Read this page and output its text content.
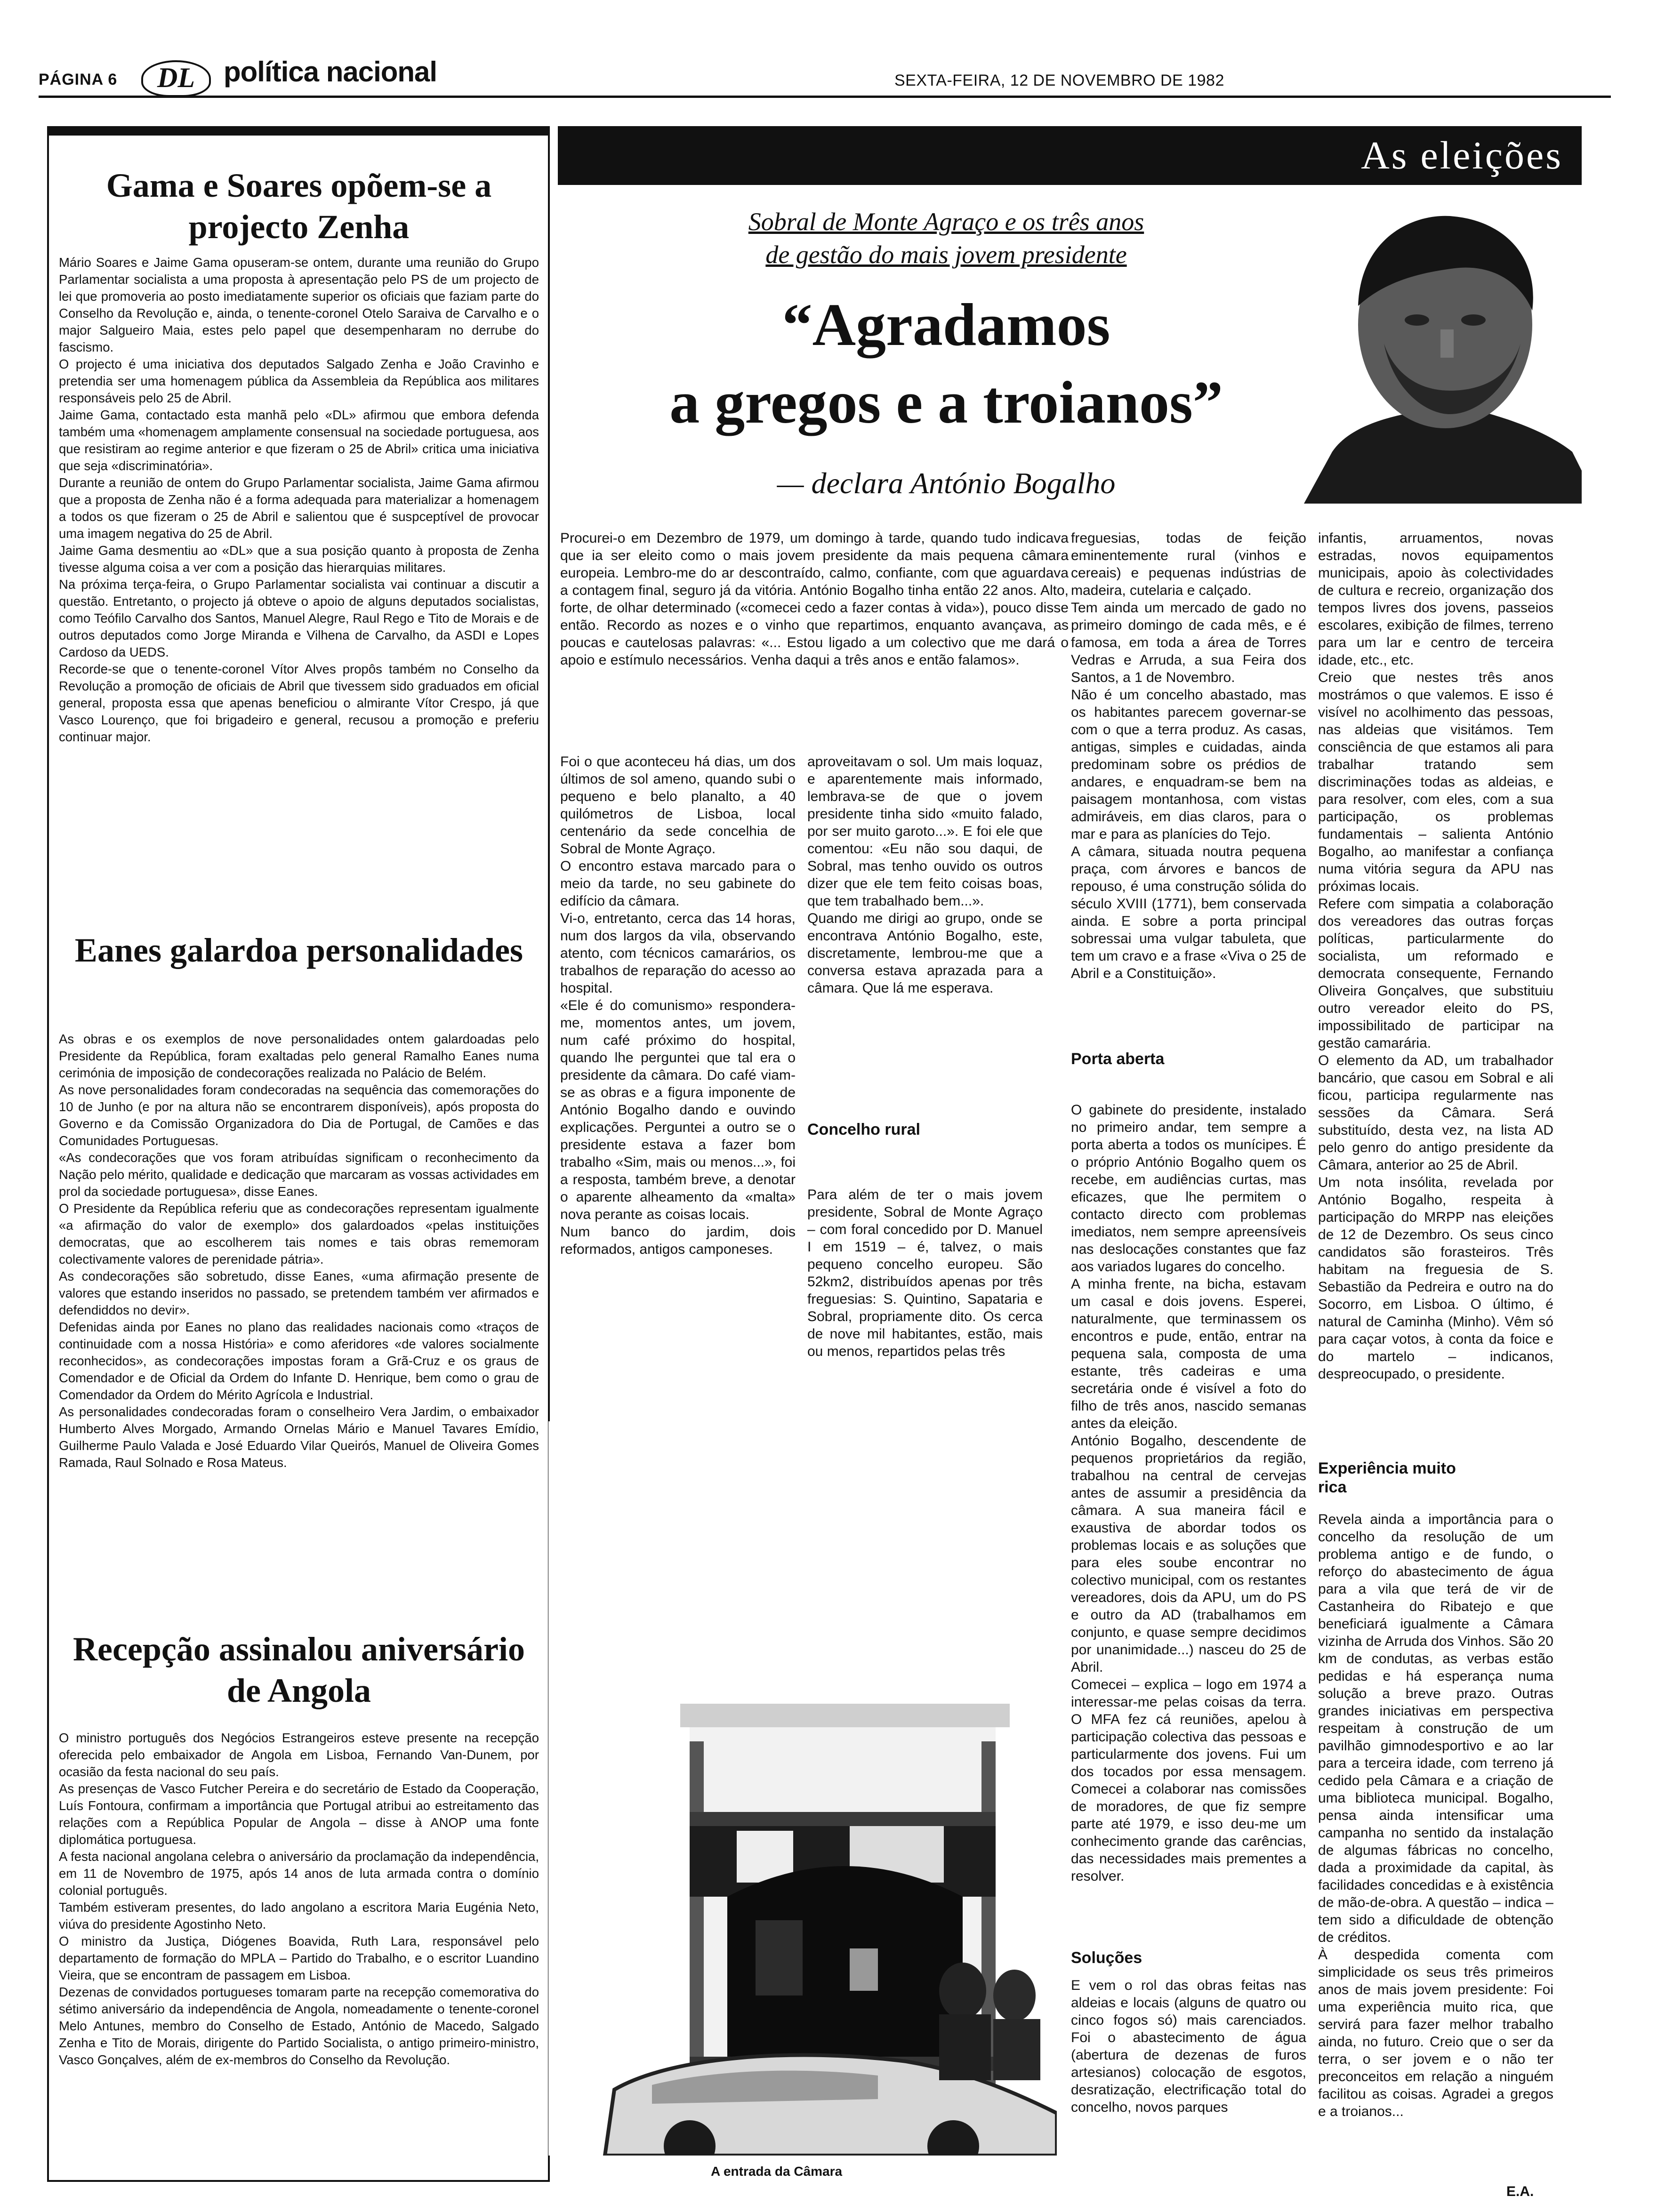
PÁGINA 6	DL	política nacional	SEXTA-FEIRA, 12 DE NOVEMBRO DE 1982
Gama e Soares opõem-se a projecto Zenha
Mário Soares e Jaime Gama opuseram-se ontem, durante uma reunião do Grupo Parlamentar socialista a uma proposta à apresentação pelo PS de um projecto de lei que promoveria ao posto imediatamente superior os oficiais que faziam parte do Conselho da Revolução e, ainda, o tenente-coronel Otelo Saraiva de Carvalho e o major Salgueiro Maia, estes pelo papel que desempenharam no derrube do fascismo.
O projecto é uma iniciativa dos deputados Salgado Zenha e João Cravinho e pretendia ser uma homenagem pública da Assembleia da República aos militares responsáveis pelo 25 de Abril.
Jaime Gama, contactado esta manhã pelo «DL» afirmou que embora defenda também uma «homenagem amplamente consensual na sociedade portuguesa, aos que resistiram ao regime anterior e que fizeram o 25 de Abril» critica uma iniciativa que seja «discriminatória».
Durante a reunião de ontem do Grupo Parlamentar socialista, Jaime Gama afirmou que a proposta de Zenha não é a forma adequada para materializar a homenagem a todos os que fizeram o 25 de Abril e salientou que é suspceptível de provocar uma imagem negativa do 25 de Abril.
Jaime Gama desmentiu ao «DL» que a sua posição quanto à proposta de Zenha tivesse alguma coisa a ver com a posição das hierarquias militares.
Na próxima terça-feira, o Grupo Parlamentar socialista vai continuar a discutir a questão. Entretanto, o projecto já obteve o apoio de alguns deputados socialistas, como Teófilo Carvalho dos Santos, Manuel Alegre, Raul Rego e Tito de Morais e de outros deputados como Jorge Miranda e Vilhena de Carvalho, da ASDI e Lopes Cardoso da UEDS.
Recorde-se que o tenente-coronel Vítor Alves propôs também no Conselho da Revolução a promoção de oficiais de Abril que tivessem sido graduados em oficial general, proposta essa que apenas beneficiou o almirante Vítor Crespo, já que Vasco Lourenço, que foi brigadeiro e general, recusou a promoção e preferiu continuar major.
Eanes galardoa personalidades
As obras e os exemplos de nove personalidades ontem galardoadas pelo Presidente da República, foram exaltadas pelo general Ramalho Eanes numa cerimónia de imposição de condecorações realizada no Palácio de Belém.
As nove personalidades foram condecoradas na sequência das comemorações do 10 de Junho (e por na altura não se encontrarem disponíveis), após proposta do Governo e da Comissão Organizadora do Dia de Portugal, de Camões e das Comunidades Portuguesas.
«As condecorações que vos foram atribuídas significam o reconhecimento da Nação pelo mérito, qualidade e dedicação que marcaram as vossas actividades em prol da sociedade portuguesa», disse Eanes.
O Presidente da República referiu que as condecorações representam igualmente «a afirmação do valor de exemplo» dos galardoados «pelas instituições democratas, que ao escolherem tais nomes e tais obras rememoram colectivamente valores de perenidade pátria».
As condecorações são sobretudo, disse Eanes, «uma afirmação presente de valores que estando inseridos no passado, se pretendem também ver afirmados e defendiddos no devir».
Defenidas ainda por Eanes no plano das realidades nacionais como «traços de continuidade com a nossa História» e como aferidores «de valores socialmente reconhecidos», as condecorações impostas foram a Grã-Cruz e os graus de Comendador e de Oficial da Ordem do Infante D. Henrique, bem como o grau de Comendador da Ordem do Mérito Agrícola e Industrial.
As personalidades condecoradas foram o conselheiro Vera Jardim, o embaixador Humberto Alves Morgado, Armando Ornelas Mário e Manuel Tavares Emídio, Guilherme Paulo Valada e José Eduardo Vilar Queirós, Manuel de Oliveira Gomes Ramada, Raul Solnado e Rosa Mateus.
Recepção assinalou aniversário de Angola
O ministro português dos Negócios Estrangeiros esteve presente na recepção oferecida pelo embaixador de Angola em Lisboa, Fernando Van-Dunem, por ocasião da festa nacional do seu país.
As presenças de Vasco Futcher Pereira e do secretário de Estado da Cooperação, Luís Fontoura, confirmam a importância que Portugal atribui ao estreitamento das relações com a República Popular de Angola – disse à ANOP uma fonte diplomática portuguesa.
A festa nacional angolana celebra o aniversário da proclamação da independência, em 11 de Novembro de 1975, após 14 anos de luta armada contra o domínio colonial português.
Também estiveram presentes, do lado angolano a escritora Maria Eugénia Neto, viúva do presidente Agostinho Neto.
O ministro da Justiça, Diógenes Boavida, Ruth Lara, responsável pelo departamento de formação do MPLA – Partido do Trabalho, e o escritor Luandino Vieira, que se encontram de passagem em Lisboa.
Dezenas de convidados portugueses tomaram parte na recepção comemorativa do sétimo aniversário da independência de Angola, nomeadamente o tenente-coronel Melo Antunes, membro do Conselho de Estado, António de Macedo, Salgado Zenha e Tito de Morais, dirigente do Partido Socialista, o antigo primeiro-ministro, Vasco Gonçalves, além de ex-membros do Conselho da Revolução.
As eleições
Sobral de Monte Agraço e os três anos
de gestão do mais jovem presidente
“Agradamos
a gregos e a troianos”
— declara António Bogalho
Procurei-o em Dezembro de 1979, um domingo à tarde, quando tudo indicava que ia ser eleito como o mais jovem presidente da mais pequena câmara europeia. Lembro-me do ar descontraído, calmo, confiante, com que aguardava a contagem final, seguro já da vitória. António Bogalho tinha então 22 anos. Alto, forte, de olhar determinado («comecei cedo a fazer contas à vida»), pouco disse então. Recordo as nozes e o vinho que repartimos, enquanto avançava, as poucas e cautelosas palavras: «... Estou ligado a um colectivo que me dará o apoio e estímulo necessários. Venha daqui a três anos e então falamos».
Foi o que aconteceu há dias, um dos últimos de sol ameno, quando subi o pequeno e belo planalto, a 40 quilómetros de Lisboa, local centenário da sede concelhia de Sobral de Monte Agraço.
O encontro estava marcado para o meio da tarde, no seu gabinete do edifício da câmara.
Vi-o, entretanto, cerca das 14 horas, num dos largos da vila, observando atento, com técnicos camarários, os trabalhos de reparação do acesso ao hospital.
«Ele é do comunismo» respondera-me, momentos antes, um jovem, num café próximo do hospital, quando lhe perguntei que tal era o presidente da câmara. Do café viam-se as obras e a figura imponente de António Bogalho dando e ouvindo explicações. Perguntei a outro se o presidente estava a fazer bom trabalho «Sim, mais ou menos...», foi a resposta, também breve, a denotar o aparente alheamento da «malta» nova perante as coisas locais.
Num banco do jardim, dois reformados, antigos camponeses.
aproveitavam o sol. Um mais loquaz, e aparentemente mais informado, lembrava-se de que o jovem presidente tinha sido «muito falado, por ser muito garoto...». E foi ele que comentou: «Eu não sou daqui, de Sobral, mas tenho ouvido os outros dizer que ele tem feito coisas boas, que tem trabalhado bem...».
Quando me dirigi ao grupo, onde se encontrava António Bogalho, este, discretamente, lembrou-me que a conversa estava aprazada para a câmara. Que lá me esperava.
Concelho rural
Para além de ter o mais jovem presidente, Sobral de Monte Agraço – com foral concedido por D. Manuel I em 1519 – é, talvez, o mais pequeno concelho europeu. São 52km2, distribuídos apenas por três freguesias: S. Quintino, Sapataria e Sobral, propriamente dito. Os cerca de nove mil habitantes, estão, mais ou menos, repartidos pelas três
A entrada da Câmara
freguesias, todas de feição eminentemente rural (vinhos e cereais) e pequenas indústrias de madeira, cutelaria e calçado.
Tem ainda um mercado de gado no primeiro domingo de cada mês, e é famosa, em toda a área de Torres Vedras e Arruda, a sua Feira dos Santos, a 1 de Novembro.
Não é um concelho abastado, mas os habitantes parecem governar-se com o que a terra produz. As casas, antigas, simples e cuidadas, ainda predominam sobre os prédios de andares, e enquadram-se bem na paisagem montanhosa, com vistas admiráveis, em dias claros, para o mar e para as planícies do Tejo.
A câmara, situada noutra pequena praça, com árvores e bancos de repouso, é uma construção sólida do século XVIII (1771), bem conservada ainda. E sobre a porta principal sobressai uma vulgar tabuleta, que tem um cravo e a frase «Viva o 25 de Abril e a Constituição».
Porta aberta
O gabinete do presidente, instalado no primeiro andar, tem sempre a porta aberta a todos os munícipes. É o próprio António Bogalho quem os recebe, em audiências curtas, mas eficazes, que lhe permitem o contacto directo com problemas imediatos, nem sempre apreensíveis nas deslocações constantes que faz aos variados lugares do concelho.
A minha frente, na bicha, estavam um casal e dois jovens. Esperei, naturalmente, que terminassem os encontros e pude, então, entrar na pequena sala, composta de uma estante, três cadeiras e uma secretária onde é visível a foto do filho de três anos, nascido semanas antes da eleição.
António Bogalho, descendente de pequenos proprietários da região, trabalhou na central de cervejas antes de assumir a presidência da câmara. A sua maneira fácil e exaustiva de abordar todos os problemas locais e as soluções que para eles soube encontrar no colectivo municipal, com os restantes vereadores, dois da APU, um do PS e outro da AD (trabalhamos em conjunto, e quase sempre decidimos por unanimidade...) nasceu do 25 de Abril.
Comecei – explica – logo em 1974 a interessar-me pelas coisas da terra. O MFA fez cá reuniões, apelou à participação colectiva das pessoas e particularmente dos jovens. Fui um dos tocados por essa mensagem. Comecei a colaborar nas comissões de moradores, de que fiz sempre parte até 1979, e isso deu-me um conhecimento grande das carências, das necessidades mais prementes a resolver.
Soluções
E vem o rol das obras feitas nas aldeias e locais (alguns de quatro ou cinco fogos só) mais carenciados. Foi o abastecimento de água (abertura de dezenas de furos artesianos) colocação de esgotos, desratização, electrificação total do concelho, novos parques
infantis, arruamentos, novas estradas, novos equipamentos municipais, apoio às colectividades de cultura e recreio, organização dos tempos livres dos jovens, passeios escolares, exibição de filmes, terreno para um lar e centro de terceira idade, etc., etc.
Creio que nestes três anos mostrámos o que valemos. E isso é visível no acolhimento das pessoas, nas aldeias que visitámos. Tem consciência de que estamos ali para trabalhar tratando sem discriminações todas as aldeias, e para resolver, com eles, com a sua participação, os problemas fundamentais – salienta António Bogalho, ao manifestar a confiança numa vitória segura da APU nas próximas locais.
Refere com simpatia a colaboração dos vereadores das outras forças políticas, particularmente do socialista, um reformado e democrata consequente, Fernando Oliveira Gonçalves, que substituiu outro vereador eleito do PS, impossibilitado de participar na gestão camarária.
O elemento da AD, um trabalhador bancário, que casou em Sobral e ali ficou, participa regularmente nas sessões da Câmara. Será substituído, desta vez, na lista AD pelo genro do antigo presidente da Câmara, anterior ao 25 de Abril.
Um nota insólita, revelada por António Bogalho, respeita à participação do MRPP nas eleições de 12 de Dezembro. Os seus cinco candidatos são forasteiros. Três habitam na freguesia de S. Sebastião da Pedreira e outro na do Socorro, em Lisboa. O último, é natural de Caminha (Minho). Vêm só para caçar votos, à conta da foice e do martelo – indicanos, despreocupado, o presidente.
Experiência muito rica
Revela ainda a importância para o concelho da resolução de um problema antigo e de fundo, o reforço do abastecimento de água para a vila que terá de vir de Castanheira do Ribatejo e que beneficiará igualmente a Câmara vizinha de Arruda dos Vinhos. São 20 km de condutas, as verbas estão pedidas e há esperança numa solução a breve prazo. Outras grandes iniciativas em perspectiva respeitam à construção de um pavilhão gimnodesportivo e ao lar para a terceira idade, com terreno já cedido pela Câmara e a criação de uma biblioteca municipal. Bogalho, pensa ainda intensificar uma campanha no sentido da instalação de algumas fábricas no concelho, dada a proximidade da capital, às facilidades concedidas e à existência de mão-de-obra. A questão – indica – tem sido a dificuldade de obtenção de créditos.
À despedida comenta com simplicidade os seus três primeiros anos de mais jovem presidente: Foi uma experiência muito rica, que servirá para fazer melhor trabalho ainda, no futuro. Creio que o ser da terra, o ser jovem e o não ter preconceitos em relação a ninguém facilitou as coisas. Agradei a gregos e a troianos...
E.A.
